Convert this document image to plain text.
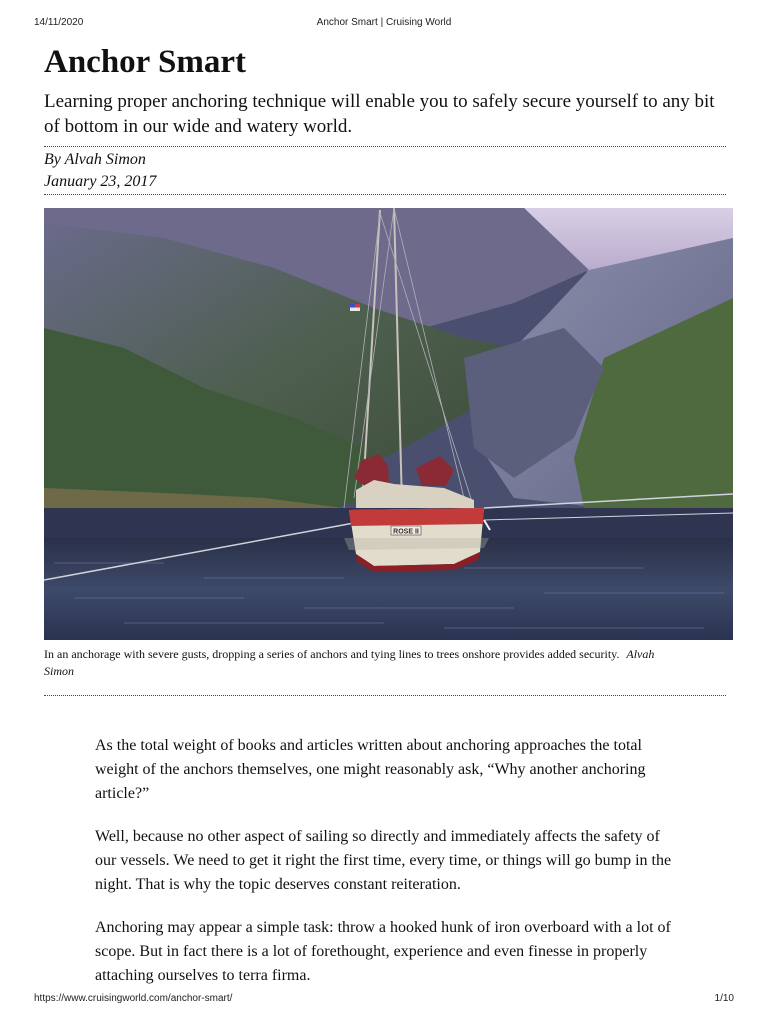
14/11/2020	Anchor Smart | Cruising World
Anchor Smart

Learning proper anchoring technique will enable you to safely secure yourself to any bit of bottom in our wide and watery world.

By Alvah Simon
January 23, 2017
ROSE II
In an anchorage with severe gusts, dropping a series of anchors and tying lines to trees onshore provides added security. Alvah Simon

As the total weight of books and articles written about anchoring approaches the total weight of the anchors themselves, one might reasonably ask, “Why another anchoring article?”

Well, because no other aspect of sailing so directly and immediately affects the safety of our vessels. We need to get it right the first time, every time, or things will go bump in the night. That is why the topic deserves constant reiteration.

Anchoring may appear a simple task: throw a hooked hunk of iron overboard with a lot of scope. But in fact there is a lot of forethought, experience and even finesse in properly attaching ourselves to terra firma.

https://www.cruisingworld.com/anchor-smart/	1/10
